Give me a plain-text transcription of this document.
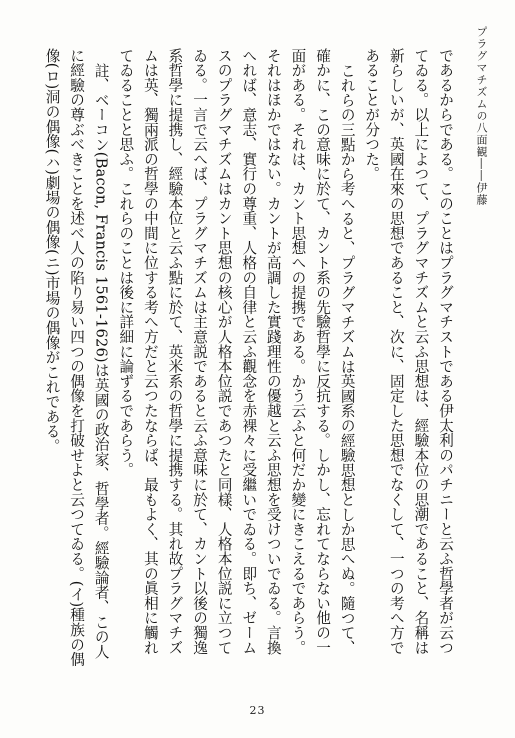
プラグマチズムの八面観――伊藤

であるからである。このことはプラグマチストである伊太利のパチニーと云ふ哲學者が云つてゐる。以上によつて、プラグマチズムと云ふ思想は、經驗本位の思潮であること、名稱は新らしいが、英國在來の思想であること、次に、固定した思想でなくして、一つの考へ方であることが分つた。

これらの三點から考へると、プラグマチズムは英國系の經驗思想としか思へぬ。隨つて、確かに、この意味に於て、カント系の先驗哲學に反抗する。しかし、忘れてならない他の一面がある。それは、カント思想への提携である。かう云ふと何だか變にきこえるであらう。それはほかではない。カントが高調した實踐理性の優越と云ふ思想を受けついでゐる。言換へれば、意志、實行の尊重、人格の自律と云ふ觀念を赤裸々に受繼いでゐる。即ち、ゼームスのプラグマチズムはカント思想の核心が人格本位説であつたと同樣、人格本位説に立つてゐる。一言で云へば、プラグマチズムは主意説であると云ふ意味に於て、カント以後の獨逸系哲學に提携し、經驗本位と云ふ點に於て、英米系の哲學に提携する。其れ故プラグマチズムは英、獨兩派の哲學の中間に位する考へ方だと云つたならば、最もよく、其の眞相に觸れてゐることと思ふ。これらのことは後に詳細に論ずるであらう。

註、ベーコン(Bacon, Francis 1561-1626)は英國の政治家、哲學者。經驗論者、この人に經驗の尊ぶべきことを述べ人の陷り易い四つの偶像を打破せよと云つてゐる。(イ)種族の偶像(ロ)洞の偶像(ハ)劇場の偶像(ニ)市場の偶像がこれである。

23
